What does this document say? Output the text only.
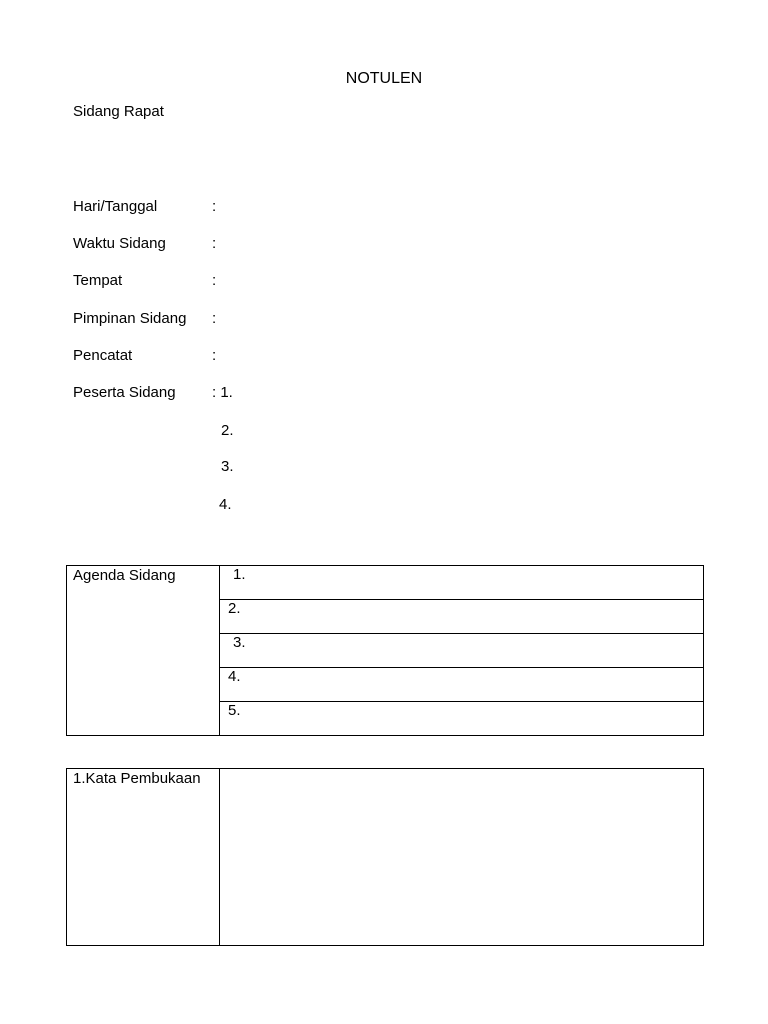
NOTULEN
Sidang Rapat
Hari/Tanggal	:
Waktu Sidang	:
Tempat	:
Pimpinan Sidang :
Pencatat	:
Peserta Sidang : 1.
2.
3.
4.
Agenda Sidang	1.
2.
3.
4.
5.
1.Kata Pembukaan	
